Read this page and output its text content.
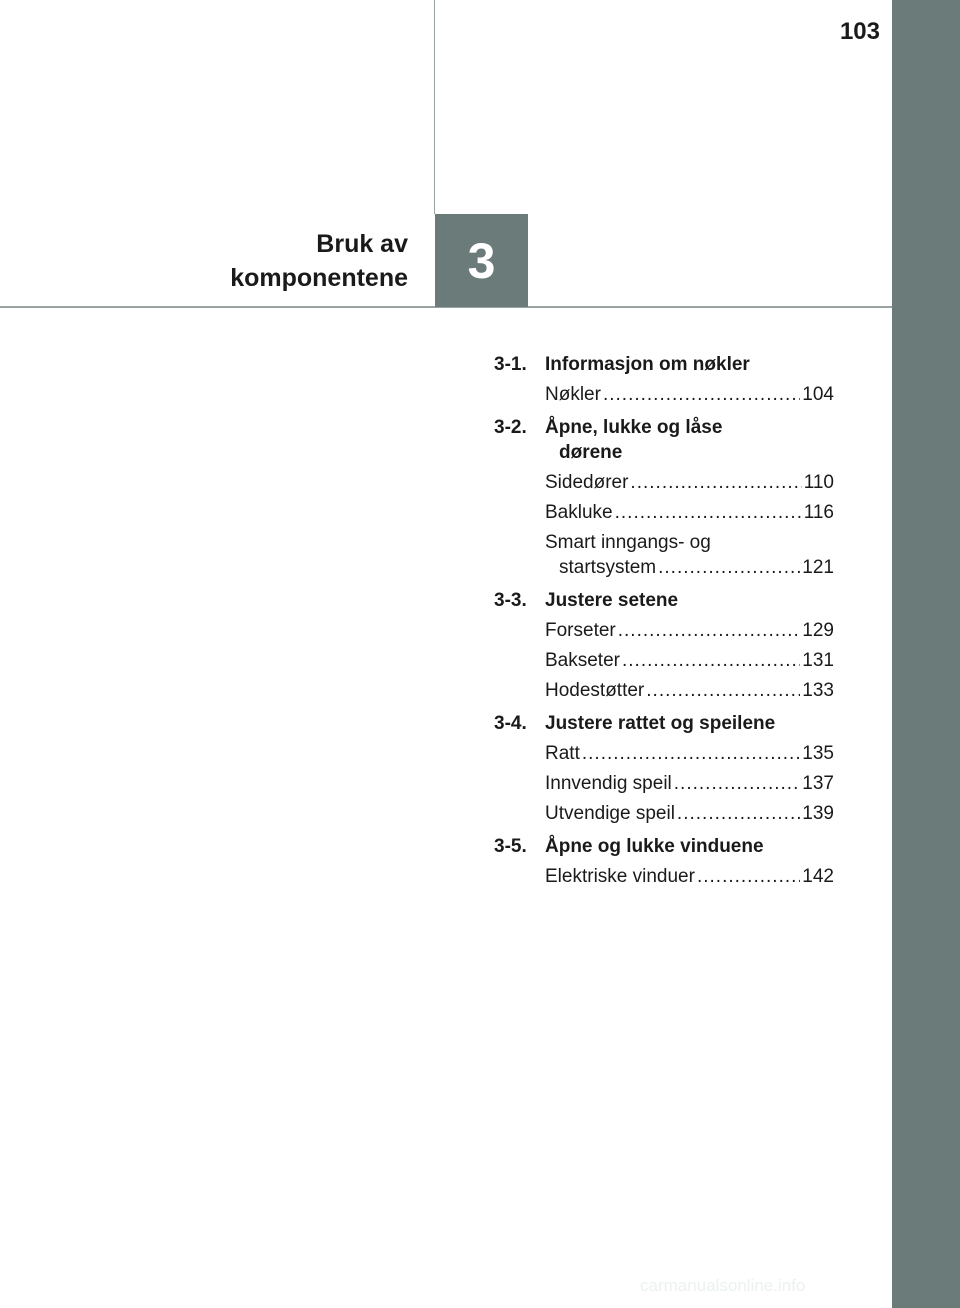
103
3
Bruk av
komponentene
3-1. Informasjon om nøkler
Nøkler .....	104
3-2. Åpne, lukke og låse
dørene
Sidedører .....	110
Bakluke .....	116
Smart inngangs- og
startsystem .....	121
3-3. Justere setene
Forseter .....	129
Bakseter .....	131
Hodestøtter .....	133
3-4. Justere rattet og speilene
Ratt .....	135
Innvendig speil .....	137
Utvendige speil .....	139
3-5. Åpne og lukke vinduene
Elektriske vinduer .....	142
carmanualsonline.info
